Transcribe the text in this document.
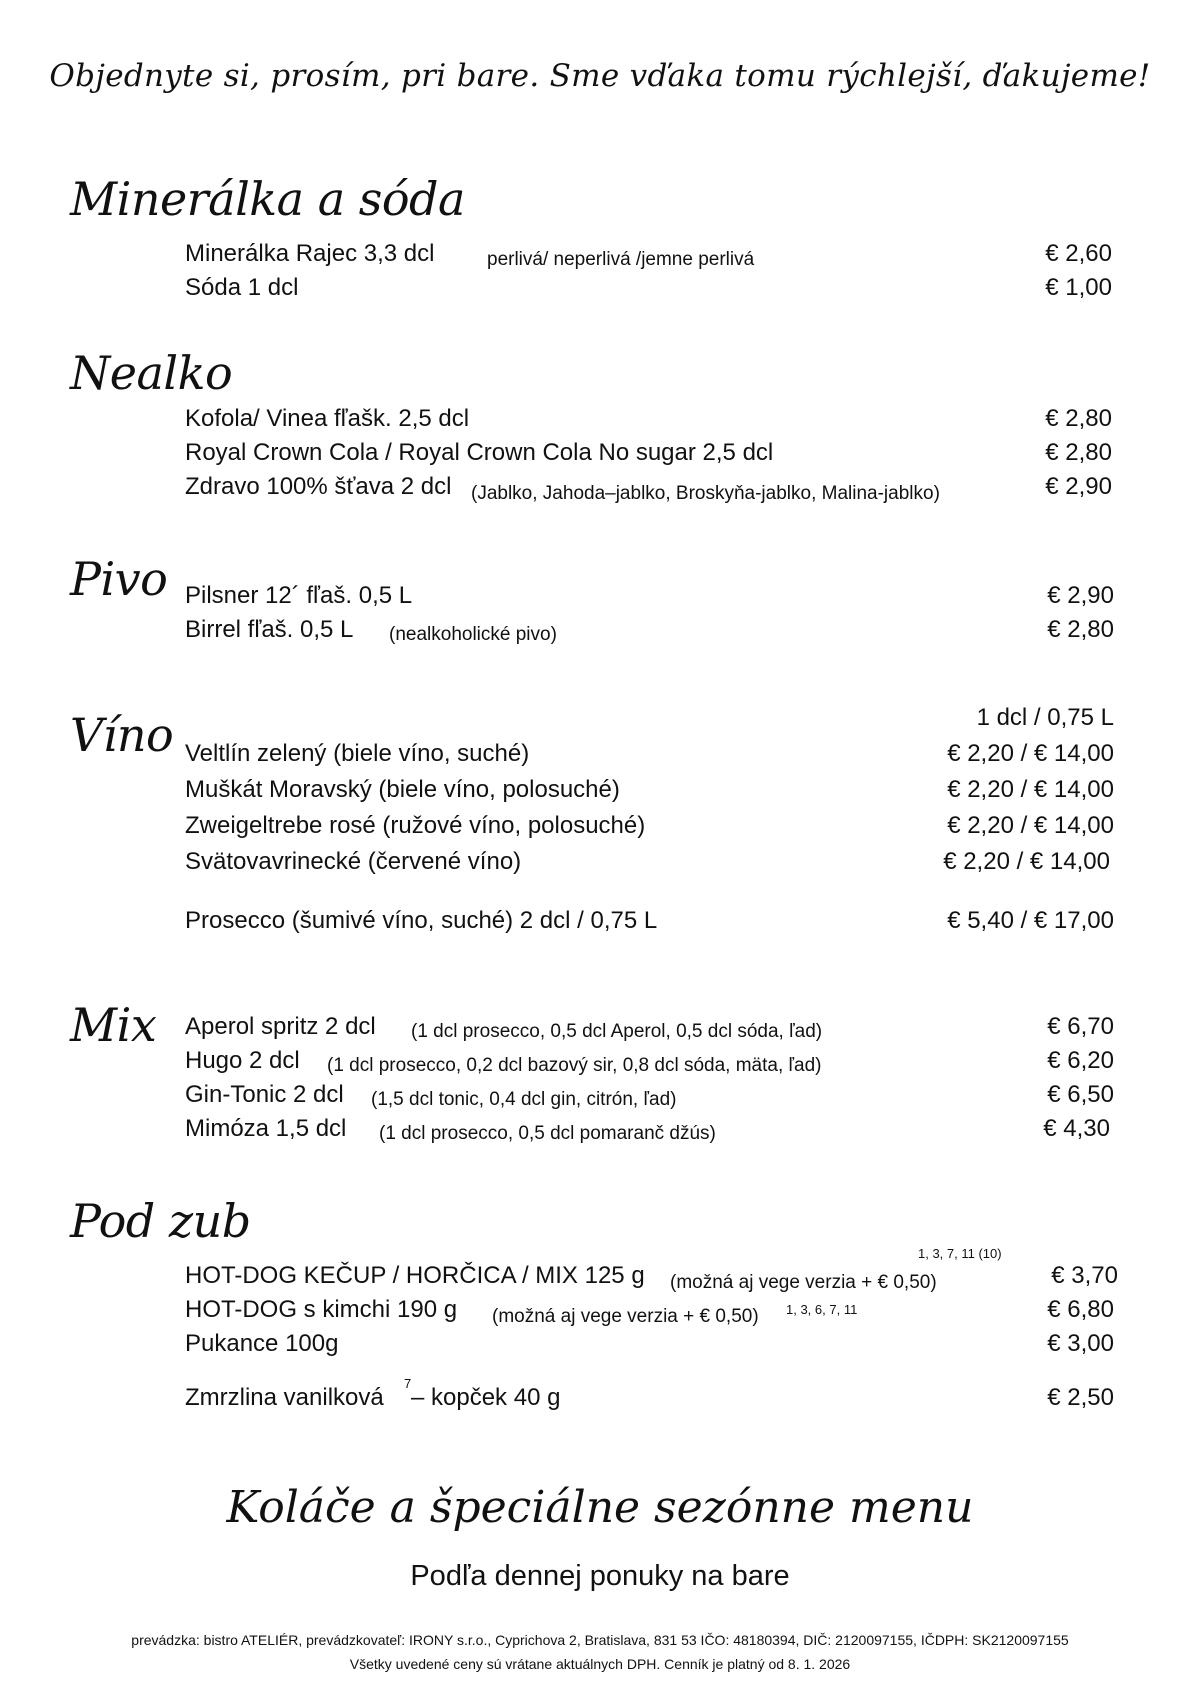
Objednyte si, prosím, pri bare. Sme vďaka tomu rýchlejší, ďakujeme!
Minerálka a sóda
Minerálka Rajec 3,3 dcl	perlivá/ neperlivá /jemne perlivá	€ 2,60
Sóda 1 dcl	€ 1,00
Nealko
Kofola/ Vinea fľašk. 2,5 dcl	€ 2,80
Royal Crown Cola / Royal Crown Cola No sugar 2,5 dcl	€ 2,80
Zdravo 100% šťava 2 dcl (Jablko, Jahoda–jablko, Broskyňa-jablko, Malina-jablko)	€ 2,90
Pivo Pilsner 12´ fľaš. 0,5 L	€ 2,90
Birrel fľaš. 0,5 L (nealkoholické pivo)	€ 2,80
Víno	1 dcl / 0,75 L
Veltlín zelený (biele víno, suché)	€ 2,20 / € 14,00
Muškát Moravský (biele víno, polosuché)	€ 2,20 / € 14,00
Zweigeltrebe rosé (ružové víno, polosuché)	€ 2,20 / € 14,00
Svätovavrinecké (červené víno)	€ 2,20 / € 14,00
Prosecco (šumivé víno, suché) 2 dcl / 0,75 L	€ 5,40 / € 17,00
Mix Aperol spritz 2 dcl (1 dcl prosecco, 0,5 dcl Aperol, 0,5 dcl sóda, ľad)	€ 6,70
Hugo 2 dcl (1 dcl prosecco, 0,2 dcl bazový sir, 0,8 dcl sóda, mäta, ľad)	€ 6,20
Gin-Tonic 2 dcl (1,5 dcl tonic, 0,4 dcl gin, citrón, ľad)	€ 6,50
Mimóza 1,5 dcl (1 dcl prosecco, 0,5 dcl pomaranč džús)	€ 4,30
Pod zub
1, 3, 7, 11 (10)
HOT-DOG KEČUP / HORČICA / MIX 125 g (možná aj vege verzia + € 0,50)	€ 3,70
HOT-DOG s kimchi 190 g (možná aj vege verzia + € 0,50) 1, 3, 6, 7, 11	€ 6,80
Pukance 100g	€ 3,00
Zmrzlina vanilková
7
– kopček 40 g	€ 2,50
Koláče a špeciálne sezónne menu
Podľa dennej ponuky na bare
prevádzka: bistro ATELIÉR, prevádzkovateľ: IRONY s.r.o., Cyprichova 2, Bratislava, 831 53 IČO: 48180394, DIČ: 2120097155, IČDPH: SK2120097155
Všetky uvedené ceny sú vrátane aktuálnych DPH. Cenník je platný od 8. 1. 2026
